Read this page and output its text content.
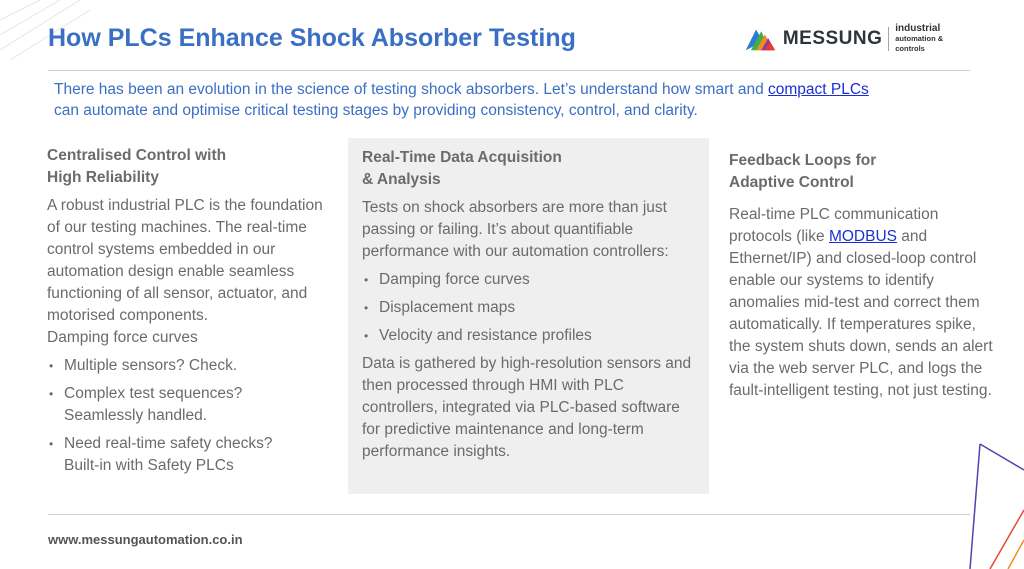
How PLCs Enhance Shock Absorber Testing	MESSUNG industrial
automation & controls
There has been an evolution in the science of testing shock absorbers. Let’s understand how smart and compact PLCs
can automate and optimise critical testing stages by providing consistency, control, and clarity.
Centralised Control with
High Reliability

A robust industrial PLC is the foundation of our testing machines. The real-time control systems embedded in our automation design enable seamless functioning of all sensor, actuator, and motorised components.

Damping force curves

• Multiple sensors? Check.
• Complex test sequences?
Seamlessly handled.
• Need real-time safety checks?
Built-in with Safety PLCs
Real-Time Data Acquisition
& Analysis

Tests on shock absorbers are more than just passing or failing. It’s about quantifiable performance with our automation controllers:

• Damping force curves
• Displacement maps
• Velocity and resistance profiles

Data is gathered by high-resolution sensors and then processed through HMI with PLC controllers, integrated via PLC-based software for predictive maintenance and long-term performance insights.

Feedback Loops for
Adaptive Control

Real-time PLC communication protocols (like MODBUS and Ethernet/IP) and closed-loop control enable our systems to identify anomalies mid-test and correct them automatically. If temperatures spike, the system shuts down, sends an alert via the web server PLC, and logs the fault-intelligent testing, not just testing.

www.messungautomation.co.in
